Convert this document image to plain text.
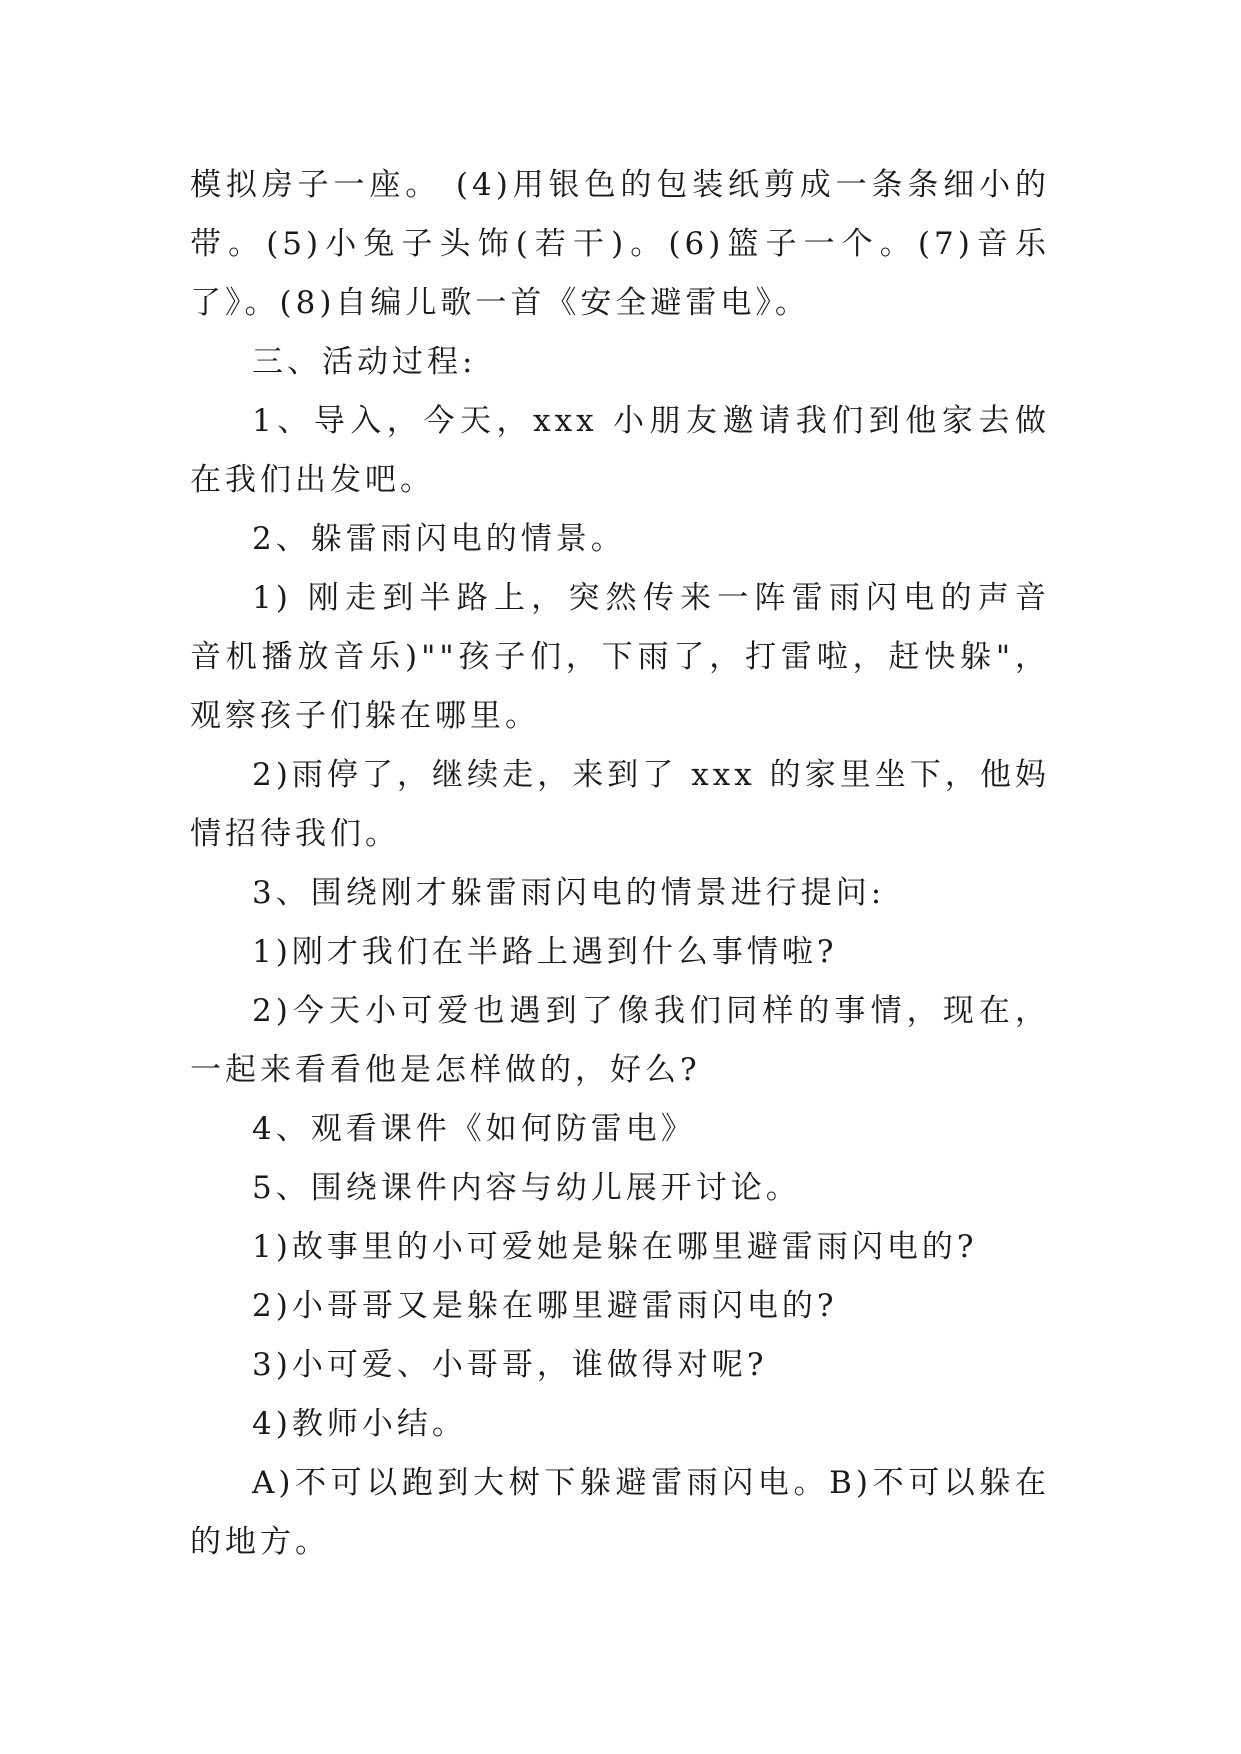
模拟房子一座。 (4)用银色的包装纸剪成一条条细小的
带。(5)小兔子头饰(若干)。(6)篮子一个。(7)音乐
了》。(8)自编儿歌一首《安全避雷电》。
三、活动过程:
1、导入，今天，xxx 小朋友邀请我们到他家去做
在我们出发吧。
2、躲雷雨闪电的情景。
1) 刚走到半路上，突然传来一阵雷雨闪电的声音
音机播放音乐)""孩子们，下雨了，打雷啦，赶快躲"，
观察孩子们躲在哪里。
2)雨停了，继续走，来到了 xxx 的家里坐下，他妈
情招待我们。
3、围绕刚才躲雷雨闪电的情景进行提问:
1)刚才我们在半路上遇到什么事情啦?
2)今天小可爱也遇到了像我们同样的事情，现在，
一起来看看他是怎样做的，好么?
4、观看课件《如何防雷电》
5、围绕课件内容与幼儿展开讨论。
1)故事里的小可爱她是躲在哪里避雷雨闪电的?
2)小哥哥又是躲在哪里避雷雨闪电的?
3)小可爱、小哥哥，谁做得对呢?
4)教师小结。
A)不可以跑到大树下躲避雷雨闪电。B)不可以躲在
的地方。
